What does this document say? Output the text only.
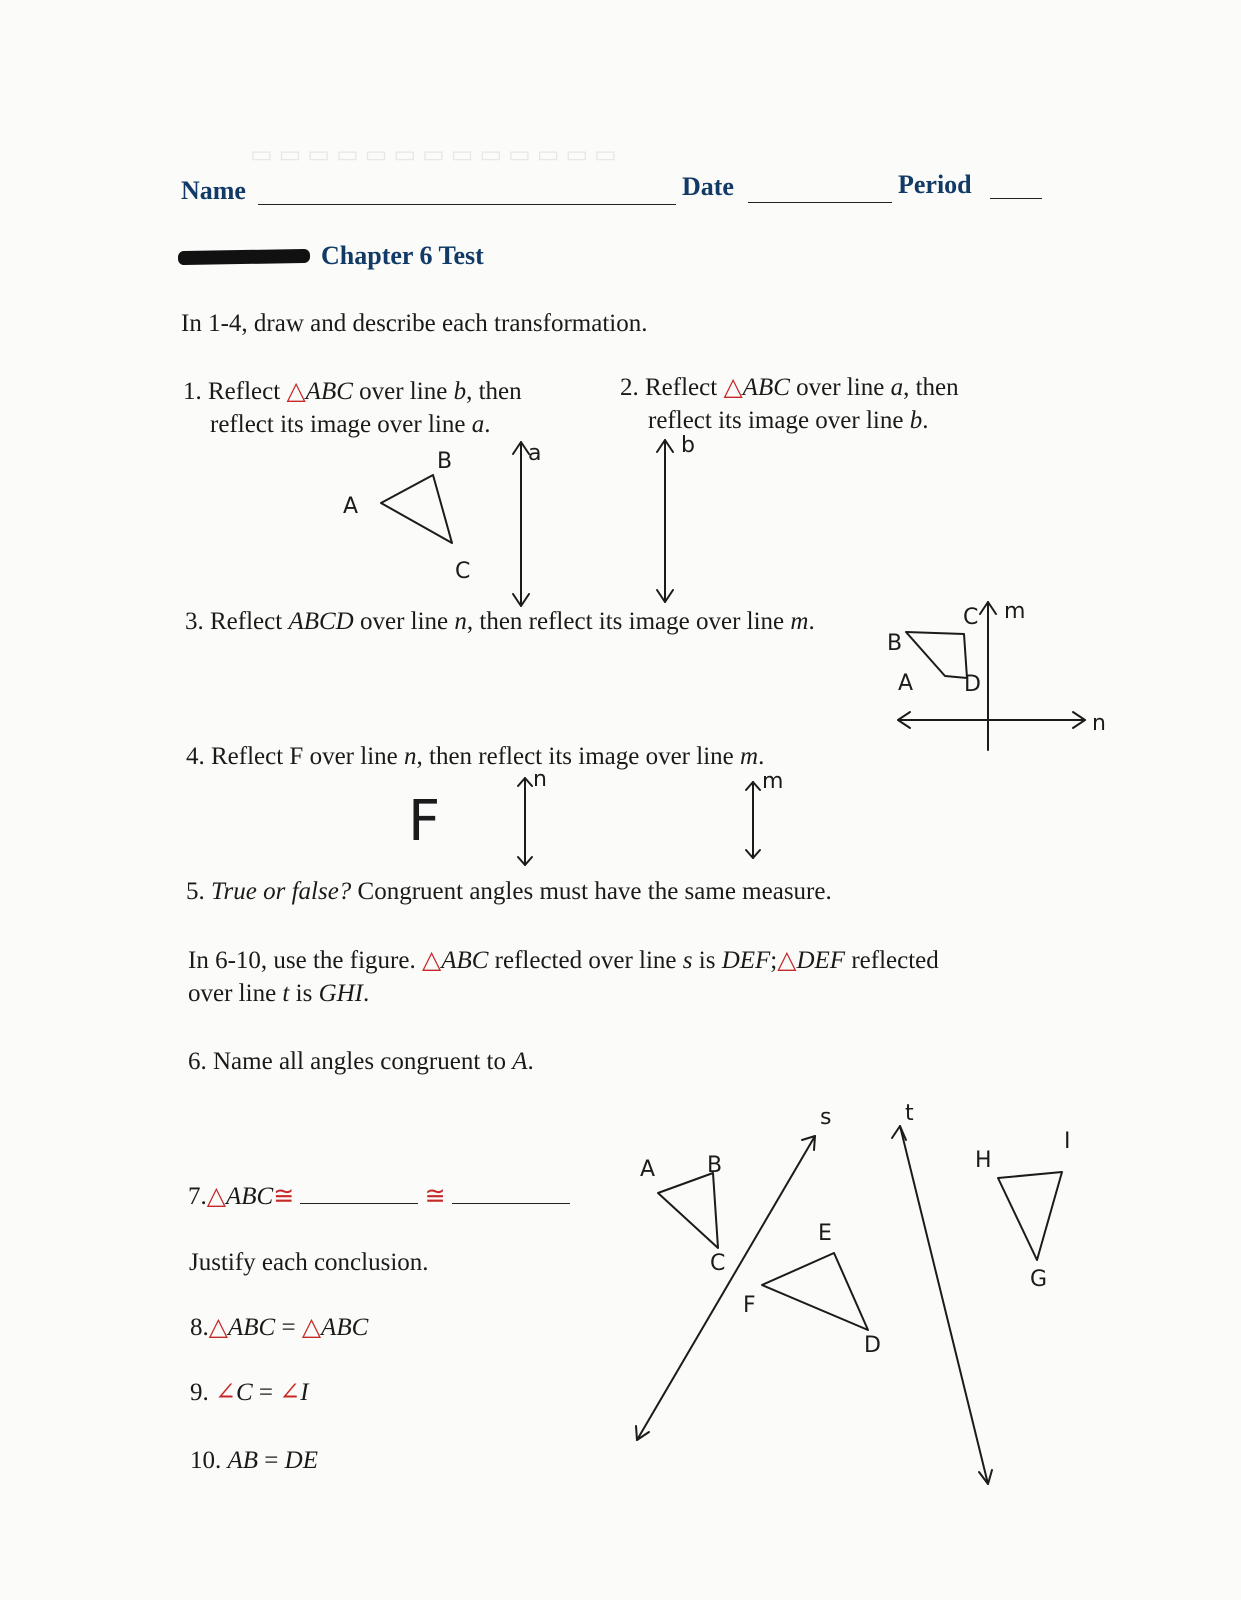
Name	Date	Period
Chapter 6 Test
In 1-4, draw and describe each transformation.
1. Reflect △ABC over line b, then
reflect its image over line a.
2. Reflect △ABC over line a, then
reflect its image over line b.
3. Reflect ABCD over line n, then reflect its image over line m.
4. Reflect F over line n, then reflect its image over line m.
5. True or false? Congruent angles must have the same measure.
In 6-10, use the figure. △ABC reflected over line s is DEF;△DEF reflected
over line t is GHI.
6. Name all angles congruent to A.
7.△ABC≅	≅
Justify each conclusion.
8.△ABC = △ABC
9. ∠C = ∠I
10. AB = DE
A
B
C
a	b
m
n
A
B
C
D
F
n	m
A B
C
s
E
F
D
t
H
I
G
▭ ▭ ▭ ▭ ▭ ▭ ▭ ▭ ▭ ▭ ▭ ▭ ▭
